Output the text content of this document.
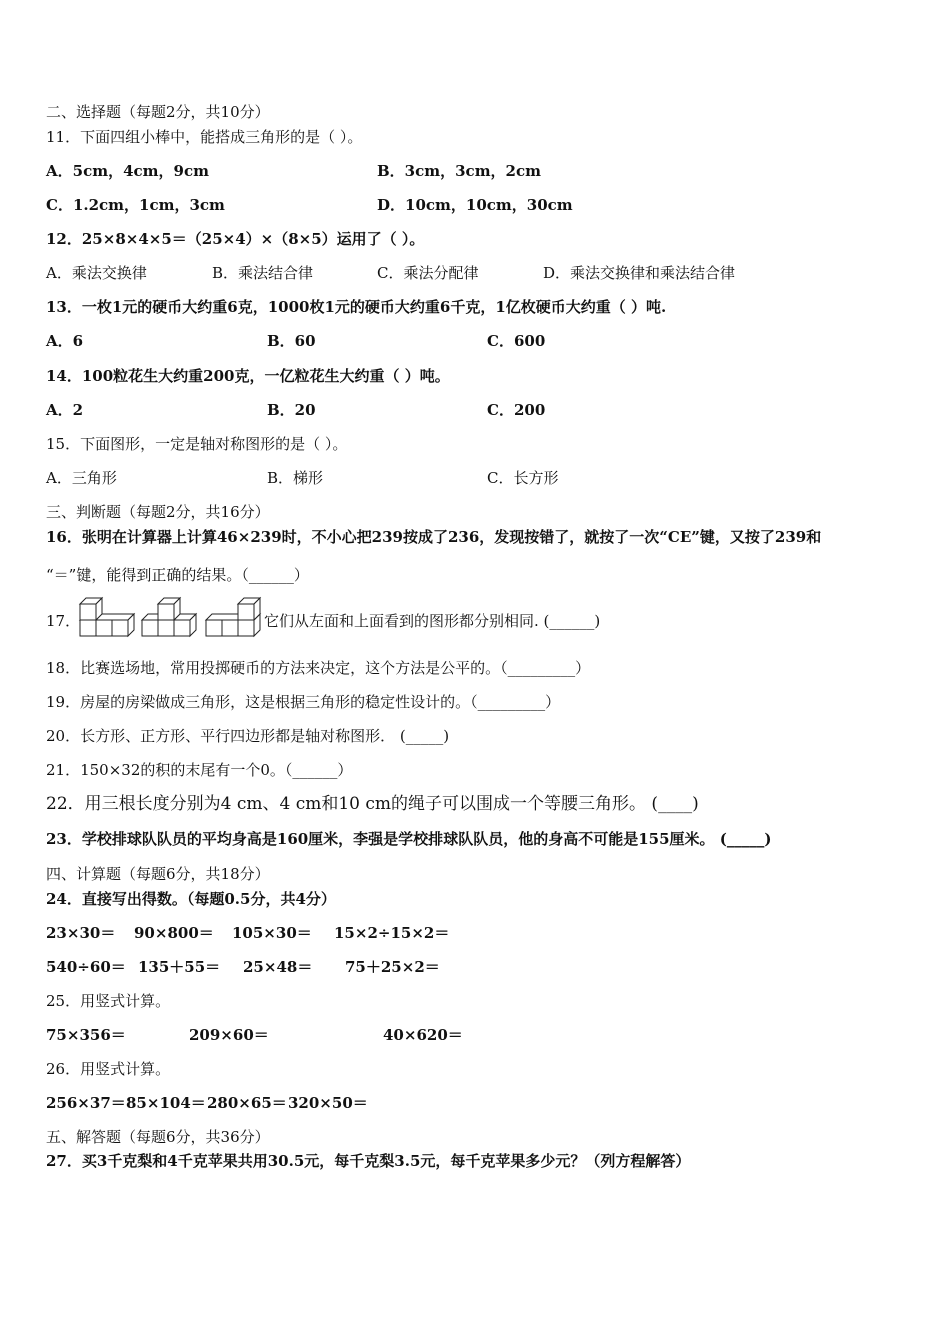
二、选择题（每题2分，共10分）
11．下面四组小棒中，能搭成三角形的是（ ）。
A．5cm，4cm，9cm	B．3cm，3cm，2cm
C．1.2cm，1cm，3cm	D．10cm，10cm，30cm
12．25×8×4×5＝（25×4）×（8×5）运用了（ ）。
A．乘法交换律	B．乘法结合律	C．乘法分配律	D．乘法交换律和乘法结合律
13．一枚1元的硬币大约重6克，1000枚1元的硬币大约重6千克，1亿枚硬币大约重（ ）吨.
A．6	B．60	C．600
14．100粒花生大约重200克，一亿粒花生大约重（ ）吨。
A．2	B．20	C．200
15．下面图形，一定是轴对称图形的是（ ）。
A．三角形	B．梯形	C．长方形
三、判断题（每题2分，共16分）
16．张明在计算器上计算46×239时，不小心把239按成了236，发现按错了，就按了一次“CE”键，又按了239和
“＝”键，能得到正确的结果。（______）
17．	它们从左面和上面看到的图形都分别相同. (______)
18．比赛选场地，常用投掷硬币的方法来决定，这个方法是公平的。（_________）
19．房屋的房梁做成三角形，这是根据三角形的稳定性设计的。（_________）
20．长方形、正方形、平行四边形都是轴对称图形． (_____)
21．150×32的积的末尾有一个0。（______）
22．用三根长度分别为4 cm、4 cm和10 cm的绳子可以围成一个等腰三角形。 (____)
23．学校排球队队员的平均身高是160厘米，李强是学校排球队队员，他的身高不可能是155厘米。 (_____)
四、计算题（每题6分，共18分）
24．直接写出得数。（每题0.5分，共4分）
23×30＝ 90×800＝ 105×30＝ 15×2÷15×2＝
540÷60＝ 135＋55＝ 25×48＝ 75＋25×2＝
25．用竖式计算。
75×356＝	209×60＝	40×620＝
26．用竖式计算。
256×37＝ 85×104＝ 280×65＝ 320×50＝
五、解答题（每题6分，共36分）
27．买3千克梨和4千克苹果共用30.5元，每千克梨3.5元，每千克苹果多少元？（列方程解答）
